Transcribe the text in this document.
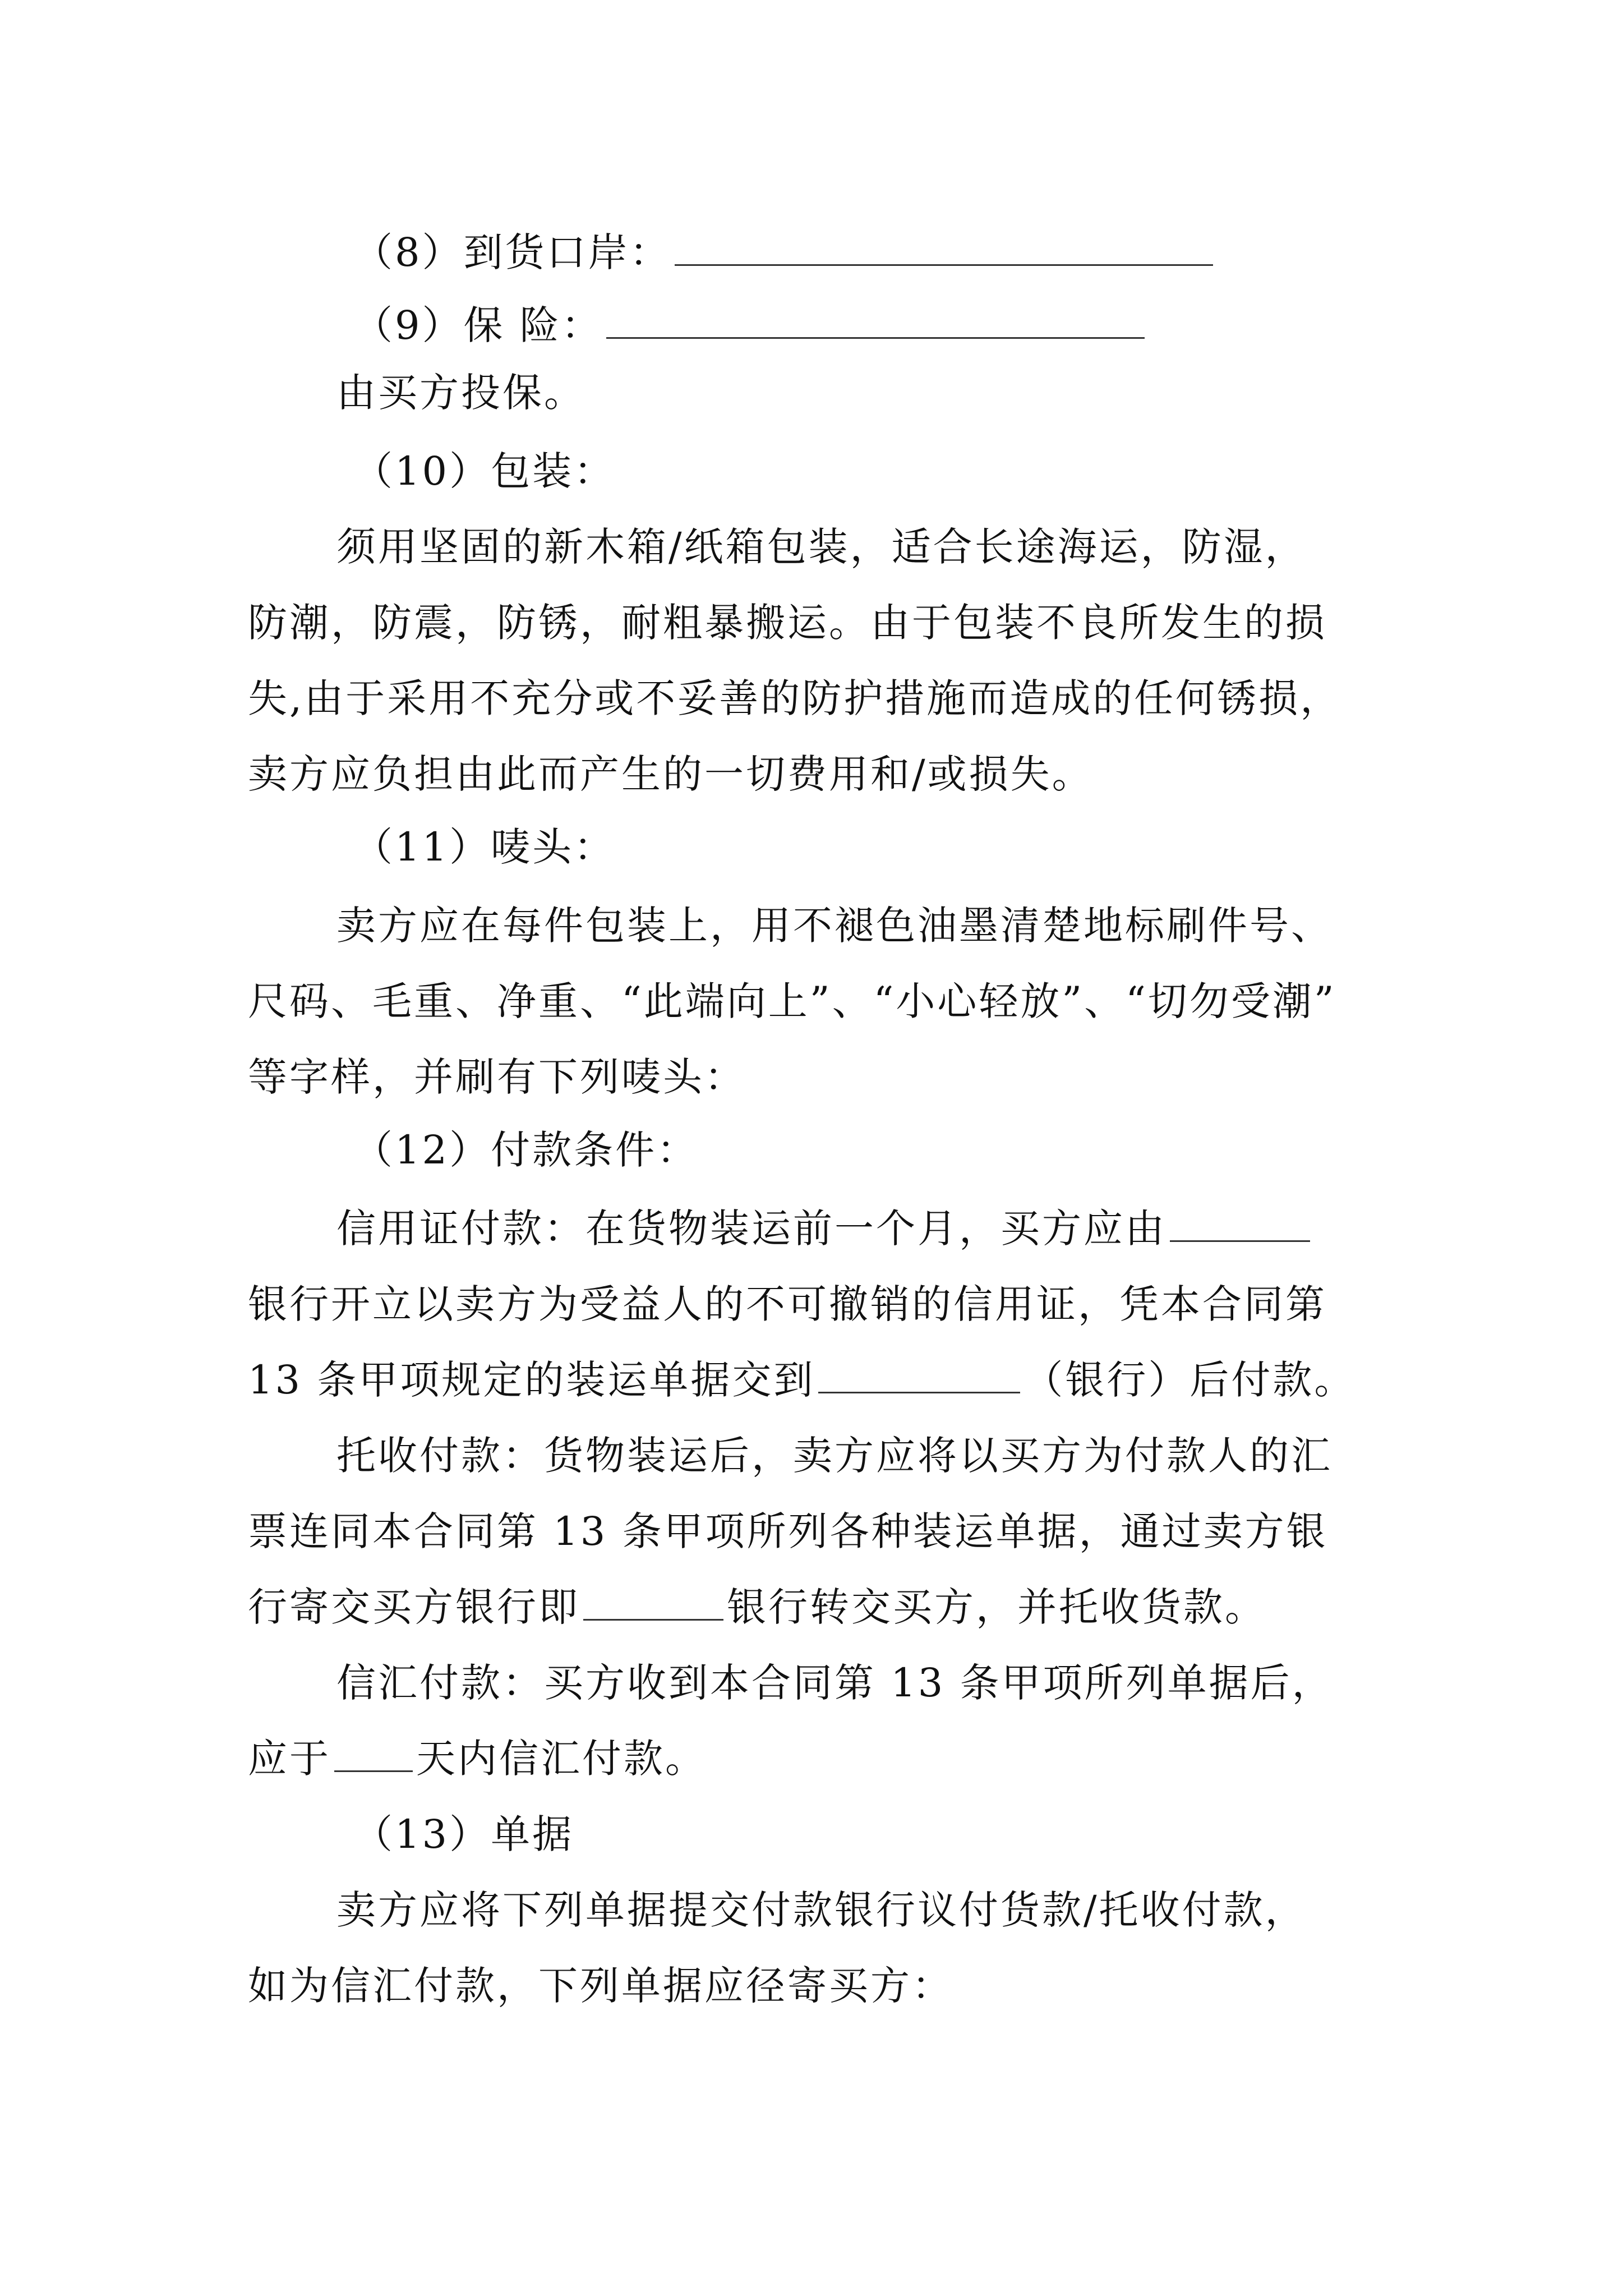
（8）到货口岸：
（9）保 险：
由买方投保。
（10）包装：
须用坚固的新木箱/纸箱包装，适合长途海运，防湿，
防潮，防震，防锈，耐粗暴搬运。由于包装不良所发生的损
失,由于采用不充分或不妥善的防护措施而造成的任何锈损，
卖方应负担由此而产生的一切费用和/或损失。
（11）唛头：
卖方应在每件包装上，用不褪色油墨清楚地标刷件号、
尺码、毛重、净重、“此端向上”、“小心轻放”、“切勿受潮”
等字样，并刷有下列唛头：
（12）付款条件：
信用证付款：在货物装运前一个月，买方应由
银行开立以卖方为受益人的不可撤销的信用证，凭本合同第
13 条甲项规定的装运单据交到	（银行）后付款。
托收付款：货物装运后，卖方应将以买方为付款人的汇
票连同本合同第 13 条甲项所列各种装运单据，通过卖方银
行寄交买方银行即	银行转交买方，并托收货款。
信汇付款：买方收到本合同第 13 条甲项所列单据后，
应于 天内信汇付款。
（13）单据
卖方应将下列单据提交付款银行议付货款/托收付款，
如为信汇付款，下列单据应径寄买方：
